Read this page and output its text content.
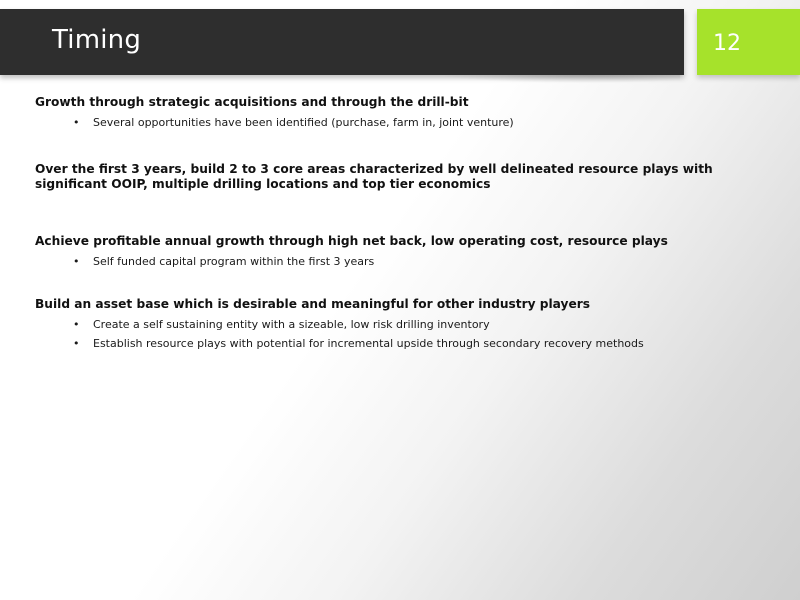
Timing	12

Growth through strategic acquisitions and through the drill-bit

• Several opportunities have been identified (purchase, farm in, joint venture)

Over the first 3 years, build 2 to 3 core areas characterized by well delineated resource plays with significant OOIP, multiple drilling locations and top tier economics

Achieve profitable annual growth through high net back, low operating cost, resource plays

• Self funded capital program within the first 3 years

Build an asset base which is desirable and meaningful for other industry players

• Create a self sustaining entity with a sizeable, low risk drilling inventory
• Establish resource plays with potential for incremental upside through secondary recovery methods
